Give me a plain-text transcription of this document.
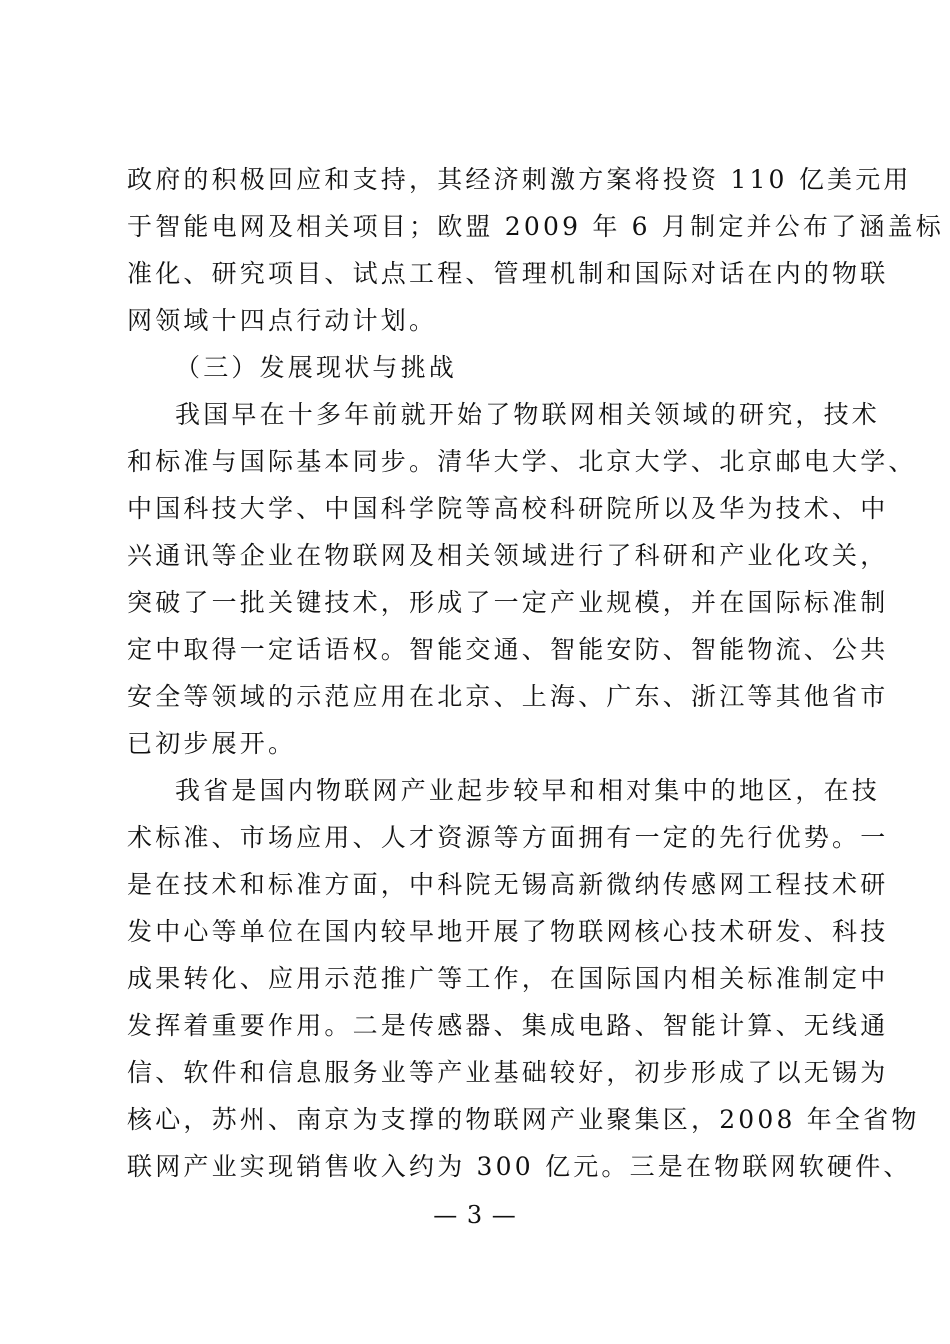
政府的积极回应和支持，其经济刺激方案将投资 110 亿美元用
于智能电网及相关项目；欧盟 2009 年 6 月制定并公布了涵盖标
准化、研究项目、试点工程、管理机制和国际对话在内的物联
网领域十四点行动计划。
（三）发展现状与挑战
我国早在十多年前就开始了物联网相关领域的研究，技术
和标准与国际基本同步。清华大学、北京大学、北京邮电大学、
中国科技大学、中国科学院等高校科研院所以及华为技术、中
兴通讯等企业在物联网及相关领域进行了科研和产业化攻关，
突破了一批关键技术，形成了一定产业规模，并在国际标准制
定中取得一定话语权。智能交通、智能安防、智能物流、公共
安全等领域的示范应用在北京、上海、广东、浙江等其他省市
已初步展开。
我省是国内物联网产业起步较早和相对集中的地区，在技
术标准、市场应用、人才资源等方面拥有一定的先行优势。一
是在技术和标准方面，中科院无锡高新微纳传感网工程技术研
发中心等单位在国内较早地开展了物联网核心技术研发、科技
成果转化、应用示范推广等工作，在国际国内相关标准制定中
发挥着重要作用。二是传感器、集成电路、智能计算、无线通
信、软件和信息服务业等产业基础较好，初步形成了以无锡为
核心，苏州、南京为支撑的物联网产业聚集区，2008 年全省物
联网产业实现销售收入约为 300 亿元。三是在物联网软硬件、
— 3 —
